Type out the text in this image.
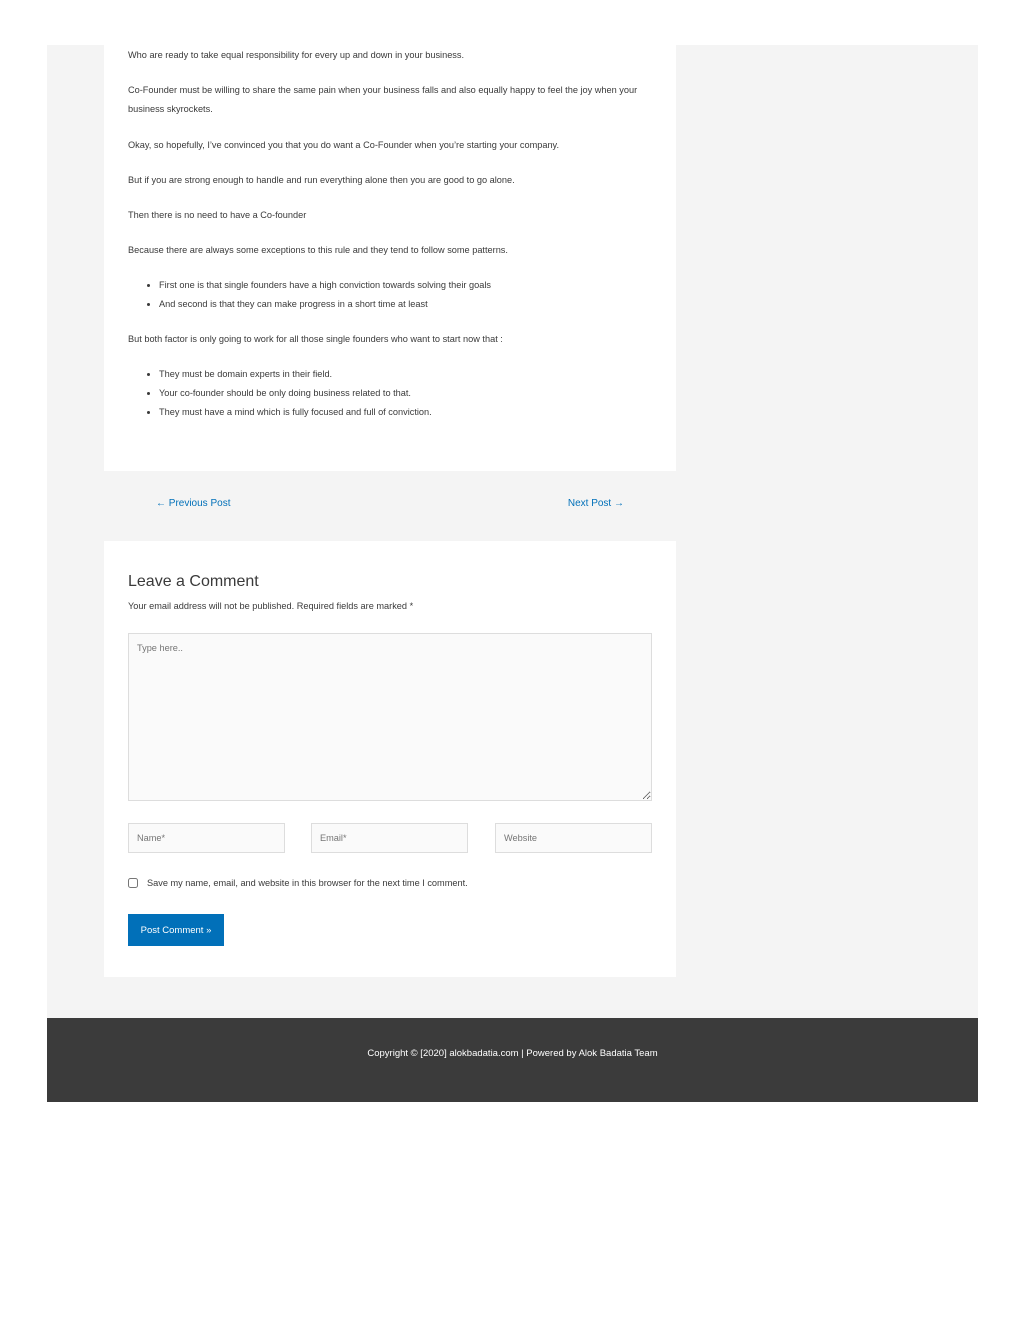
Who are ready to take equal responsibility for every up and down in your business.

Co-Founder must be willing to share the same pain when your business falls and also equally happy to feel the joy when your business skyrockets.

Okay, so hopefully, I’ve convinced you that you do want a Co-Founder when you’re starting your company.

But if you are strong enough to handle and run everything alone then you are good to go alone.

Then there is no need to have a Co-founder

Because there are always some exceptions to this rule and they tend to follow some patterns.

• First one is that single founders have a high conviction towards solving their goals
• And second is that they can make progress in a short time at least

But both factor is only going to work for all those single founders who want to start now that :

• They must be domain experts in their field.
• Your co-founder should be only doing business related to that.
• They must have a mind which is fully focused and full of conviction.
← Previous Post	Next Post →
Leave a Comment
Your email address will not be published. Required fields are marked *
Type here..
Name*
Email*
Website
Save my name, email, and website in this browser for the next time I comment.
Post Comment »
Copyright © [2020] alokbadatia.com | Powered by Alok Badatia Team
